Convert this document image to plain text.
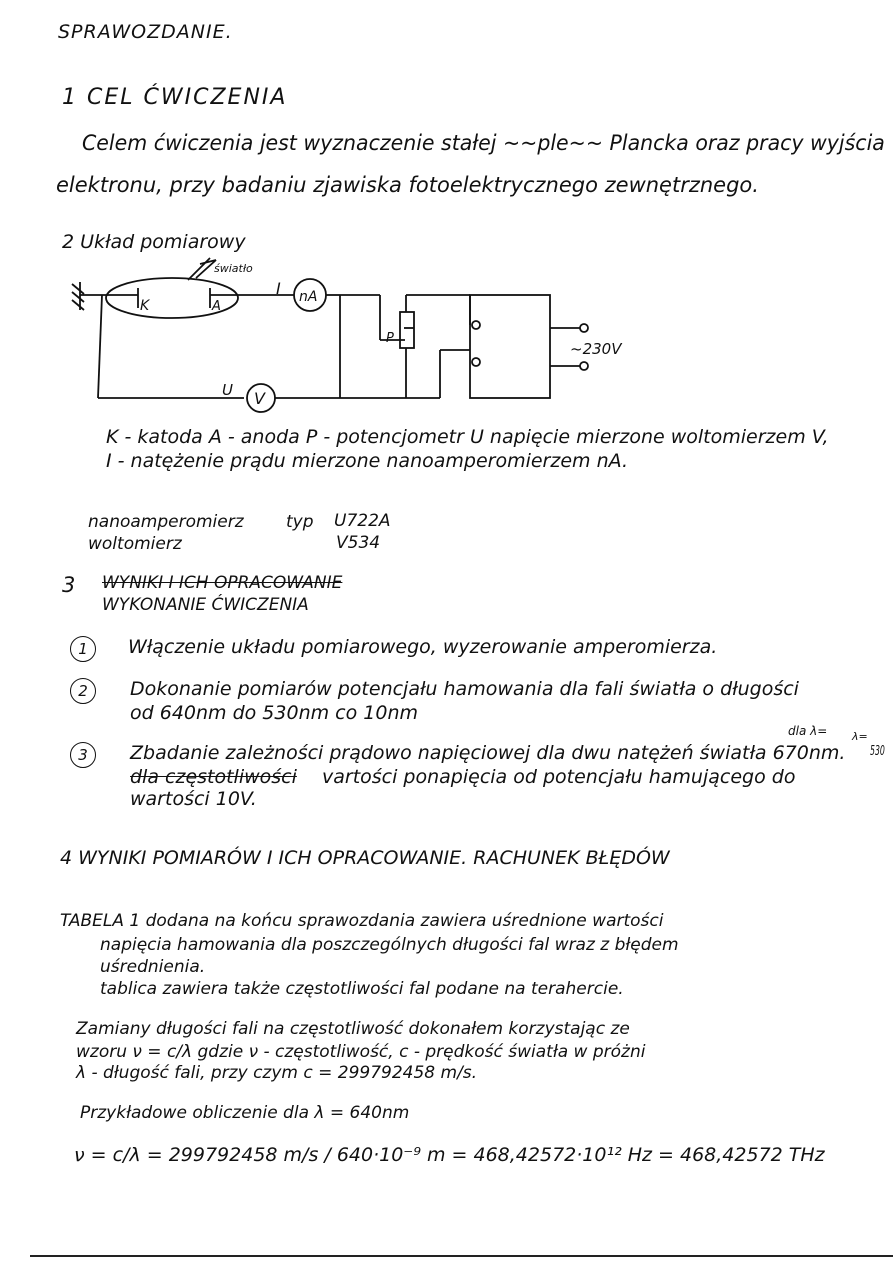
SPRAWOZDANIE.
1 CEL ĆWICZENIA
Celem ćwiczenia jest wyznaczenie stałej ~~ple~~ Plancka oraz pracy wyjścia
elektronu, przy badaniu zjawiska fotoelektrycznego zewnętrznego.
2 Układ pomiarowy
K	A
światło
I nA
P
V
U
~230V
K - katoda A - anoda P - potencjometr U napięcie mierzone woltomierzem V,
I - natężenie prądu mierzone nanoamperomierzem nA.
nanoamperomierz typ U722A
woltomierz	V534
3 WYNIKI I ICH OPRACOWANIE
WYKONANIE ĆWICZENIA
1	Włączenie układu pomiarowego, wyzerowanie amperomierza.
2	Dokonanie pomiarów potencjału hamowania dla fali światła o długości
od 640nm do 530nm co 10nm
dla λ= λ=
3	Zbadanie zależności prądowo napięciowej dla dwu natężeń światła 670nm. 530
dla częstotliwości vartości ponapięcia od potencjału hamującego do
wartości 10V.
4 WYNIKI POMIARÓW I ICH OPRACOWANIE. RACHUNEK BŁĘDÓW
TABELA 1 dodana na końcu sprawozdania zawiera uśrednione wartości
napięcia hamowania dla poszczególnych długości fal wraz z błędem
uśrednienia.
tablica zawiera także częstotliwości fal podane na terahercie.
Zamiany długości fali na częstotliwość dokonałem korzystając ze
wzoru ν = c/λ gdzie ν - częstotliwość, c - prędkość światła w próżni
λ - długość fali, przy czym c = 299792458 m/s.
Przykładowe obliczenie dla λ = 640nm
ν = c/λ = 299792458 m/s / 640·10⁻⁹ m = 468,42572·10¹² Hz = 468,42572 THz
